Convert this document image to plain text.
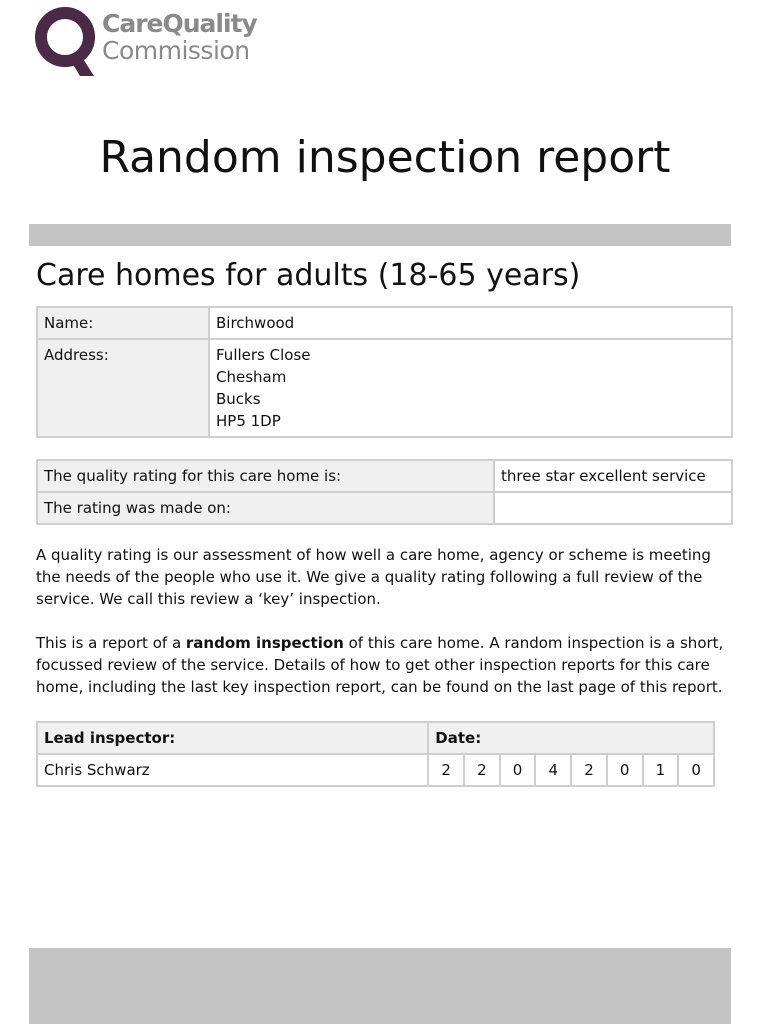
CareQuality
Commission
Random inspection report
Care homes for adults (18-65 years)
Name:	Birchwood
Address:	Fullers Close
Chesham
Bucks
HP5 1DP
The quality rating for this care home is:	three star excellent service
The rating was made on:	

A quality rating is our assessment of how well a care home, agency or scheme is meeting the needs of the people who use it. We give a quality rating following a full review of the service. We call this review a ‘key’ inspection.

This is a report of a random inspection of this care home. A random inspection is a short, focussed review of the service. Details of how to get other inspection reports for this care home, including the last key inspection report, can be found on the last page of this report.

Lead inspector:	Date:							
Chris Schwarz	2	2	0	4	2	0	1	0
